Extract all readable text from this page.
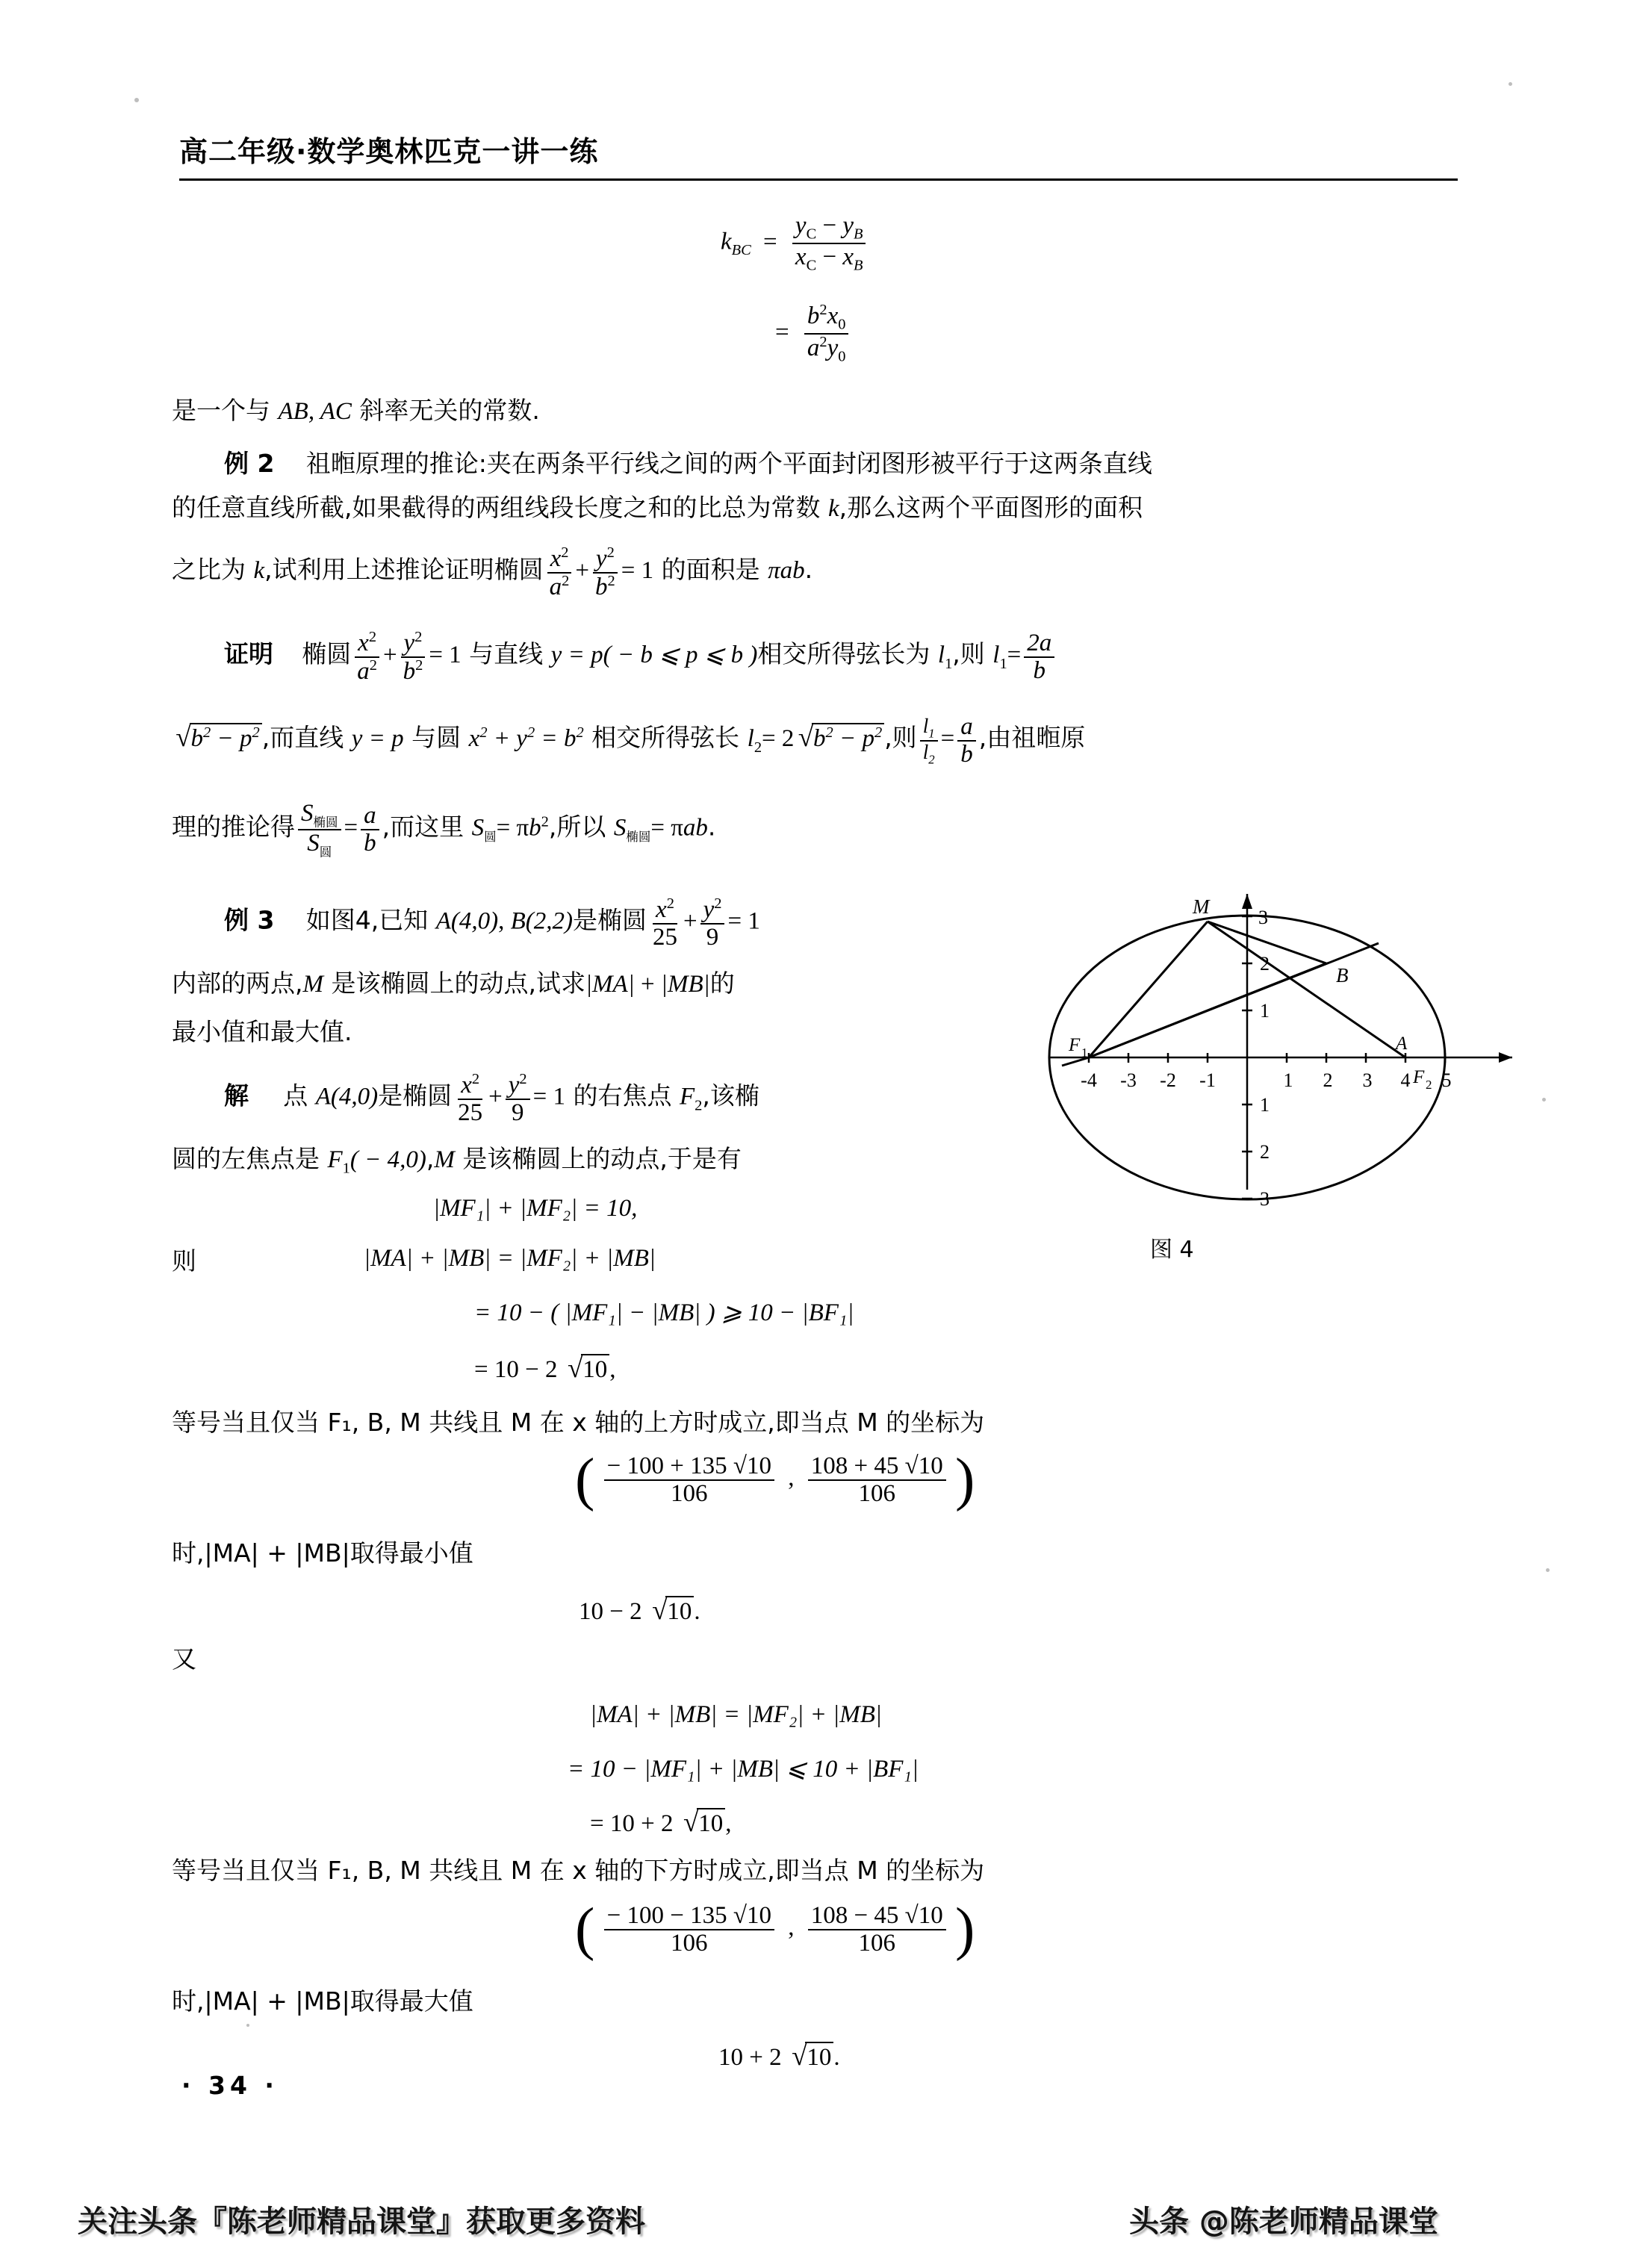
高二年级·数学奥林匹克一讲一练
$k_{BC} = \frac{y_C - y_B}{x_C - x_B}$
= $\frac{b^2x_0}{a^2y_0}$
是一个与 AB, AC 斜率无关的常数.
例 2 祖暅原理的推论:夹在两条平行线之间的两个平面封闭图形被平行于这两条直线
的任意直线所截,如果截得的两组线段长度之和的比总为常数 k,那么这两个平面图形的面积
之比为 k,试利用上述推论证明椭圆 $\frac{x^2}{a^2} + \frac{y^2}{b^2} = 1$ 的面积是 πab.
证明 椭圆 $\frac{x^2}{a^2} + \frac{y^2}{b^2} = 1$ 与直线 y = p( − b ⩽ p ⩽ b )相交所得弦长为 $l_1$,则 $l_1= \frac{2a}{b}$
$√b^2 - p^2$,而直线 y = p 与圆 $x^2 + y^2 = b^2$ 相交所得弦长 $l_2= 2$ $√b^2 - p^2$,则 $\frac{l_1}{l_2} = \frac{a}{b}$ ,由祖暅原
理的推论得 $\frac{S_{椭圆}}{S_圆} = \frac{a}{b}$ ,而这里 $S_圆= \pi b^2$,所以 $S_{椭圆}= \pi ab$.
例 3 如图4,已知 A(4,0), B(2,2)是椭圆 $\frac{x^2}{25} + \frac{y^2}{9} = 1$
内部的两点,M 是该椭圆上的动点,试求|MA| + |MB|的
最小值和最大值.
解 点 A(4,0)是椭圆 $\frac{x^2}{25} + \frac{y^2}{9} = 1$ 的右焦点 $F_2$,该椭
圆的左焦点是 $F_1( - 4,0),M$ 是该椭圆上的动点,于是有
|MF₁| + |MF₂| = 10,
则	|MA| + |MB| = |MF₂| + |MB|
= 10 − ( |MF₁| − |MB| ) ⩾ 10 − |BF₁|
= 10 − 2 √10,
等号当且仅当 F₁, B, M 共线且 M 在 x 轴的上方时成立,即当点 M 的坐标为
( $\frac{- 100 + 135 √10}{106}$ , $\frac{108 + 45 √10}{106}$ )
时,|MA| + |MB|取得最小值
10 − 2 √10.
又
|MA| + |MB| = |MF₂| + |MB|
= 10 − |MF₁| + |MB| ⩽ 10 + |BF₁|
= 10 + 2 √10,
等号当且仅当 F₁, B, M 共线且 M 在 x 轴的下方时成立,即当点 M 的坐标为
( $\frac{- 100 - 135 √10}{106}$ , $\frac{108 - 45 √10}{106}$ )
时,|MA| + |MB|取得最大值
10 + 2 √10.
M
B
A
F 1
F 2
-4 -3 -2 -1	1 2 3 4 5
1
2
3
1
2
3
图 4
· 34 ·
关注头条『陈老师精品课堂』获取更多资料	头条 @陈老师精品课堂
